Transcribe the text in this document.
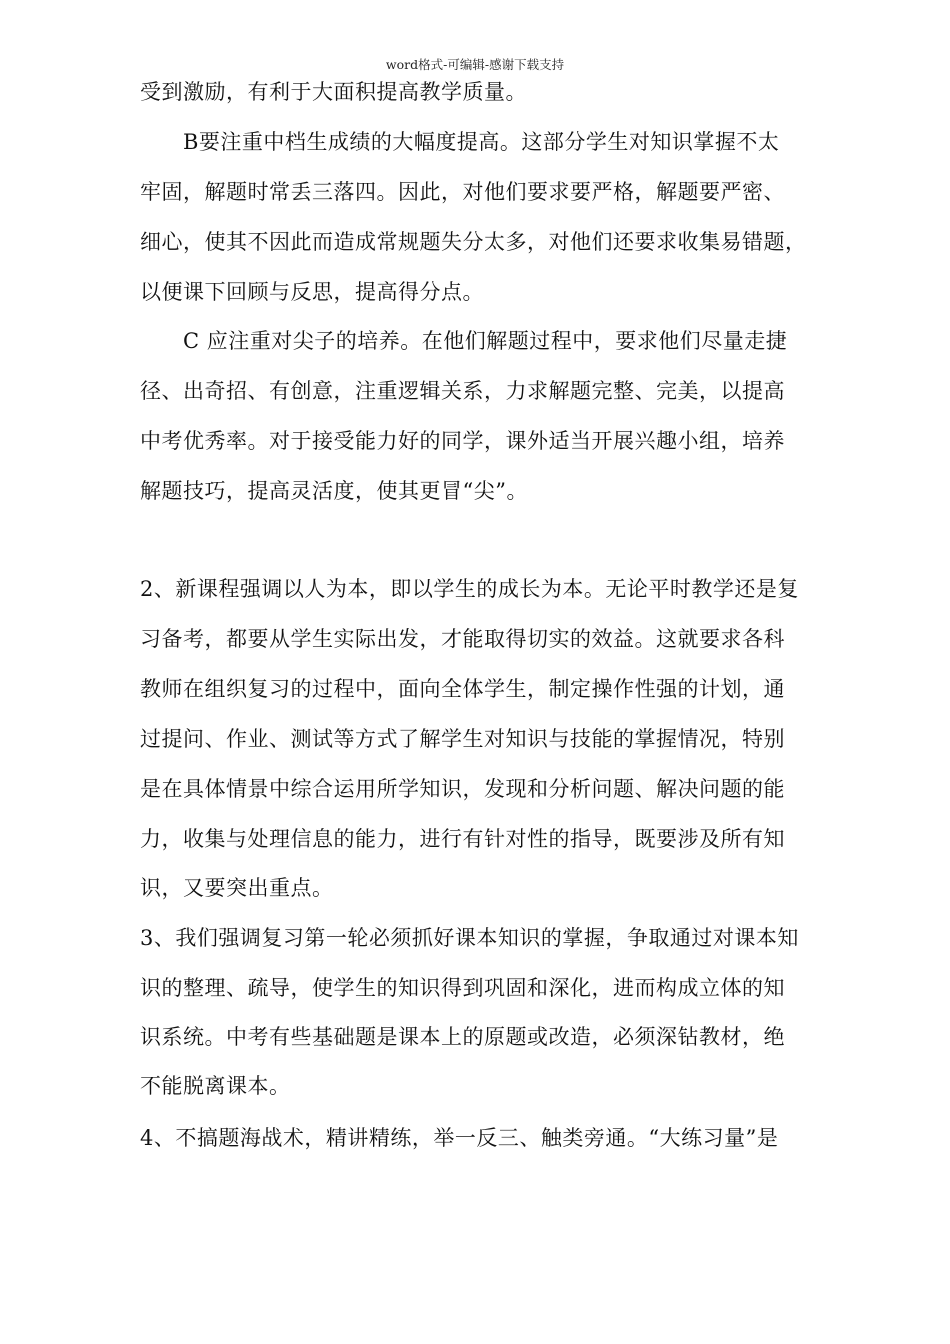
word格式-可编辑-感谢下载支持
受到激励，有利于大面积提高教学质量。
　　B要注重中档生成绩的大幅度提高。这部分学生对知识掌握不太
牢固，解题时常丢三落四。因此，对他们要求要严格，解题要严密、
细心，使其不因此而造成常规题失分太多，对他们还要求收集易错题，
以便课下回顾与反思，提高得分点。
　　C 应注重对尖子的培养。在他们解题过程中，要求他们尽量走捷
径、出奇招、有创意，注重逻辑关系，力求解题完整、完美，以提高
中考优秀率。对于接受能力好的同学，课外适当开展兴趣小组，培养
解题技巧，提高灵活度，使其更冒“尖”。
2、新课程强调以人为本，即以学生的成长为本。无论平时教学还是复
习备考，都要从学生实际出发，才能取得切实的效益。这就要求各科
教师在组织复习的过程中，面向全体学生，制定操作性强的计划，通
过提问、作业、测试等方式了解学生对知识与技能的掌握情况，特别
是在具体情景中综合运用所学知识，发现和分析问题、解决问题的能
力，收集与处理信息的能力，进行有针对性的指导，既要涉及所有知
识，又要突出重点。
3、我们强调复习第一轮必须抓好课本知识的掌握，争取通过对课本知
识的整理、疏导，使学生的知识得到巩固和深化，进而构成立体的知
识系统。中考有些基础题是课本上的原题或改造，必须深钻教材，绝
不能脱离课本。
4、不搞题海战术，精讲精练，举一反三、触类旁通。“大练习量”是
